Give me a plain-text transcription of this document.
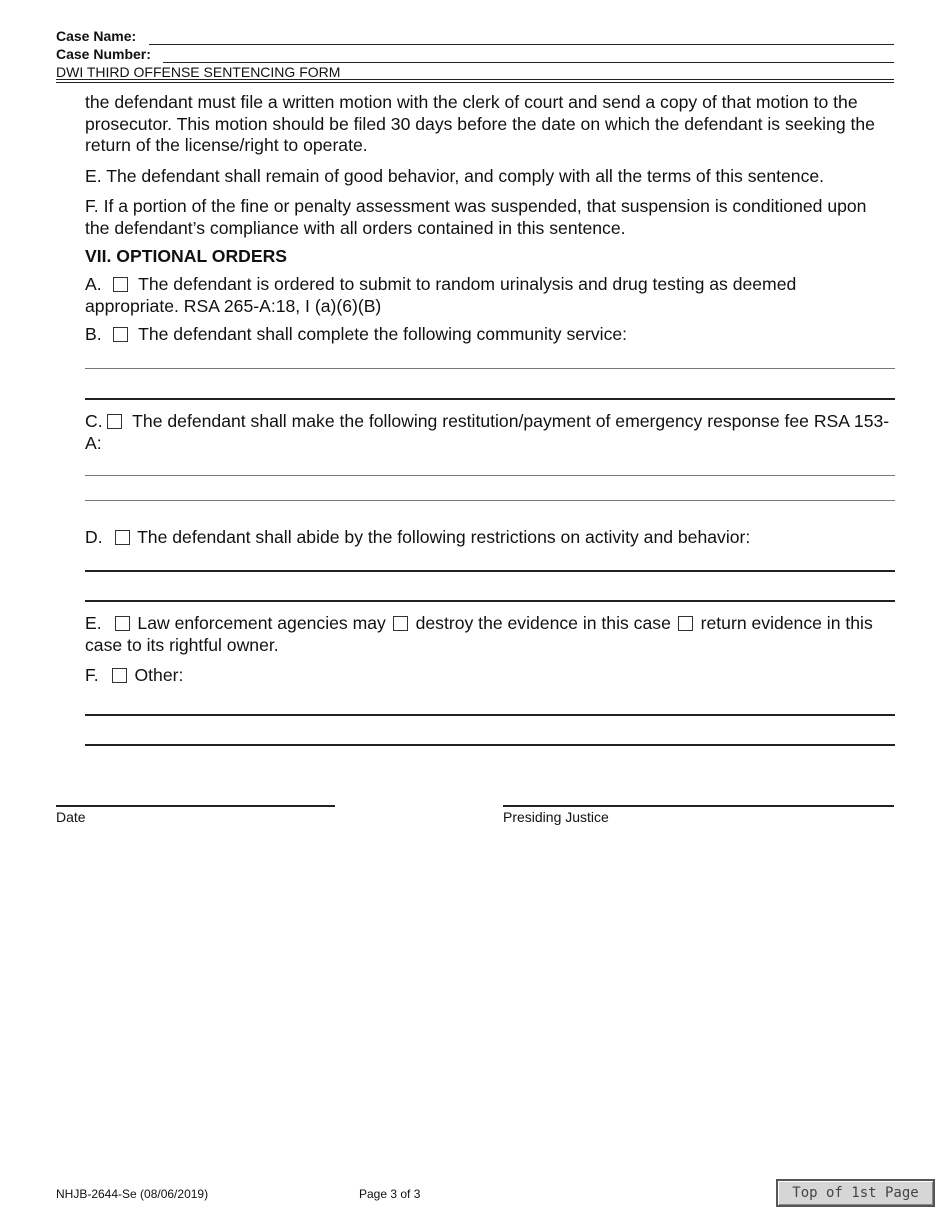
Case Name:
Case Number:
DWI THIRD OFFENSE SENTENCING FORM
the defendant must file a written motion with the clerk of court and send a copy of that motion to the prosecutor. This motion should be filed 30 days before the date on which the defendant is seeking the return of the license/right to operate.
E. The defendant shall remain of good behavior, and comply with all the terms of this sentence.
F. If a portion of the fine or penalty assessment was suspended, that suspension is conditioned upon the defendant’s compliance with all orders contained in this sentence.
VII. OPTIONAL ORDERS
A. The defendant is ordered to submit to random urinalysis and drug testing as deemed appropriate. RSA 265-A:18, I (a)(6)(B)
B. The defendant shall complete the following community service:
C. The defendant shall make the following restitution/payment of emergency response fee RSA 153-A:
D. The defendant shall abide by the following restrictions on activity and behavior:
E. Law enforcement agencies may destroy the evidence in this case return evidence in this case to its rightful owner.
F. Other:
Date	Presiding Justice
NHJB-2644-Se (08/06/2019)	Page 3 of 3	Top of 1st Page
